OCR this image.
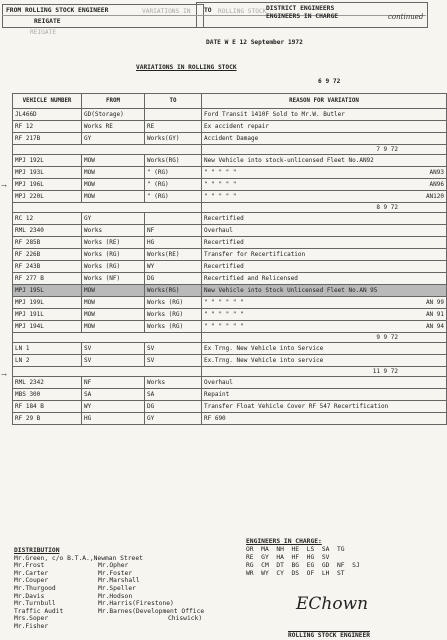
FROM ROLLING STOCK ENGINEER	VARIATIONS IN TO ROLLING STOCK DISTRICT ENGINEERS
ENGINEERS IN CHARGE	continued
REIGATE
REIGATE
DATE W E 12 September 1972
VARIATIONS IN ROLLING STOCK
6 9 72
VEHICLE NUMBER	FROM	TO	REASON FOR VARIATION
JL466D	GD(Storage)		Ford Transit 1410F Sold to Mr.W. Butler
RF 12	Works RE	RE	Ex accident repair
RF 217B	GY	Works(GY)	Accident Damage

			7 9 72

MPJ 192L	MOW	Works(RG)	New Vehicle into stock-unlicensed Fleet No.AN92
MPJ 193L	MOW	" (RG)	" " " " " AN93

MPJ 196L	MOW	" (RG)	" " " " " AN96

MPJ 220L	MOW	" (RG)	" " " " " AN120

			8 9 72

RC 12	GY		Recertified
RML 2340	Works	NF	Overhaul
RF 285B	Works (RE)	HG	Recertified
RF 226B	Works (RG)	Works(RE)	Transfer for Recertification
RF 243B	Works (RG)	WY	Recertified
RF 277 B	Works (NF)	DG	Recertified and Relicensed
MPJ 195L	MOW	Works(RG)	New Vehicle into Stock Unlicensed Fleet No.AN 95
MPJ 199L	MOW	Works (RG)	" " " " " " AN 99

MPJ 191L	MOW	Works (RG)	" " " " " " AN 91

MPJ 194L	MOW	Works (RG)	" " " " " " AN 94

			9 9 72

LN 1	SV	SV	Ex Trng. New Vehicle into Service
LN 2	SV	SV	Ex.Trng. New Vehicle into service

			11 9 72

RML 2342	NF	Works	Overhaul
MBS 300	SA	SA	Repaint
RF 184 B	WY	DG	Transfer Float Vehicle Cover RF 547 Recertification
RF 29 B	HG	GY	RF 690
→
→
DISTRIBUTION
Mr.Green, c/o B.T.A.,Newman Street
Mr.Frost
Mr.Carter
Mr.Couper
Mr.Thurgood
Mr.Davis
Mr.Turnbull
Traffic Audit
Mrs.Soper
Mr.Fisher
Mr.Opher
Mr.Foster
Mr.Marshall
Mr.Speller
Mr.Hodson
Mr.Harris(Firestone)
Mr.Barnes(Development Office
Chiswick)
ENGINEERS IN CHARGE:
OR  MA  NH  HE  LS  SA  TG
RE  GY  HA  HF  HG  SV
RG  CM  DT  BG  EG  GD  NF  SJ
WR  WY  CY  DS  OF  LH  ST
EChown
ROLLING STOCK ENGINEER
